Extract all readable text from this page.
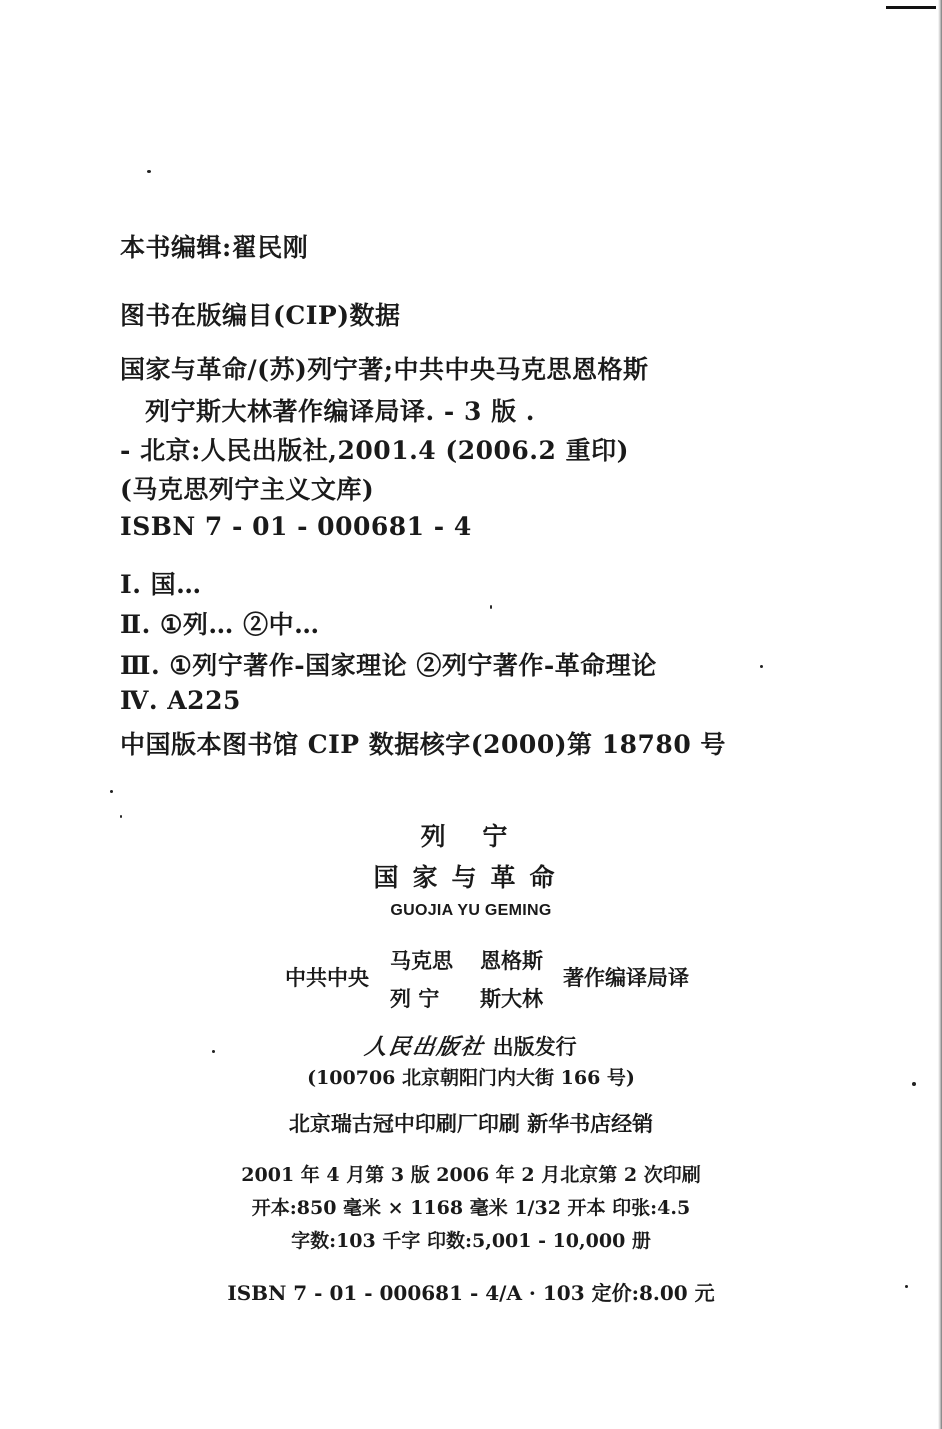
本书编辑:翟民刚
图书在版编目(CIP)数据
国家与革命/(苏)列宁著;中共中央马克思恩格斯
列宁斯大林著作编译局译. - 3 版 .
- 北京:人民出版社,2001.4 (2006.2 重印)
(马克思列宁主义文库)
ISBN 7 - 01 - 000681 - 4
Ⅰ. 国…
Ⅱ. ①列… ②中…
Ⅲ. ①列宁著作-国家理论 ②列宁著作-革命理论
Ⅳ. A225
中国版本图书馆 CIP 数据核字(2000)第 18780 号
列 宁
国家与革命
GUOJIA YU GEMING
中共中央
马克思 恩格斯
列 宁 斯大林
著作编译局译
人民出版社 出版发行
(100706 北京朝阳门内大街 166 号)
北京瑞古冠中印刷厂印刷 新华书店经销
2001 年 4 月第 3 版 2006 年 2 月北京第 2 次印刷
开本:850 毫米 × 1168 毫米 1/32 开本 印张:4.5
字数:103 千字 印数:5,001 - 10,000 册
ISBN 7 - 01 - 000681 - 4/A · 103 定价:8.00 元
